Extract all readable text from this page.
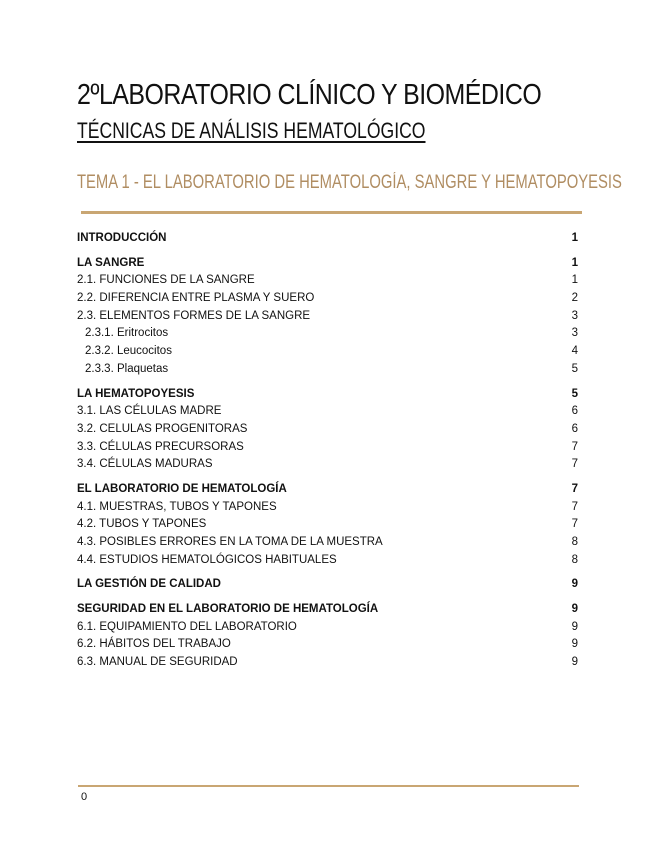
2ºLABORATORIO CLÍNICO Y BIOMÉDICO
TÉCNICAS DE ANÁLISIS HEMATOLÓGICO
TEMA 1 - EL LABORATORIO DE HEMATOLOGÍA, SANGRE Y HEMATOPOYESIS
INTRODUCCIÓN	1
LA SANGRE	1
2.1. FUNCIONES DE LA SANGRE	1
2.2. DIFERENCIA ENTRE PLASMA Y SUERO	2
2.3. ELEMENTOS FORMES DE LA SANGRE	3
2.3.1. Eritrocitos	3
2.3.2. Leucocitos	4
2.3.3. Plaquetas	5
LA HEMATOPOYESIS	5
3.1. LAS CÉLULAS MADRE	6
3.2. CELULAS PROGENITORAS	6
3.3. CÉLULAS PRECURSORAS	7
3.4. CÉLULAS MADURAS	7
EL LABORATORIO DE HEMATOLOGÍA	7
4.1. MUESTRAS, TUBOS Y TAPONES	7
4.2. TUBOS Y TAPONES	7
4.3. POSIBLES ERRORES EN LA TOMA DE LA MUESTRA	8
4.4. ESTUDIOS HEMATOLÓGICOS HABITUALES	8
LA GESTIÓN DE CALIDAD	9
SEGURIDAD EN EL LABORATORIO DE HEMATOLOGÍA	9
6.1. EQUIPAMIENTO DEL LABORATORIO	9
6.2. HÁBITOS DEL TRABAJO	9
6.3. MANUAL DE SEGURIDAD	9
0
